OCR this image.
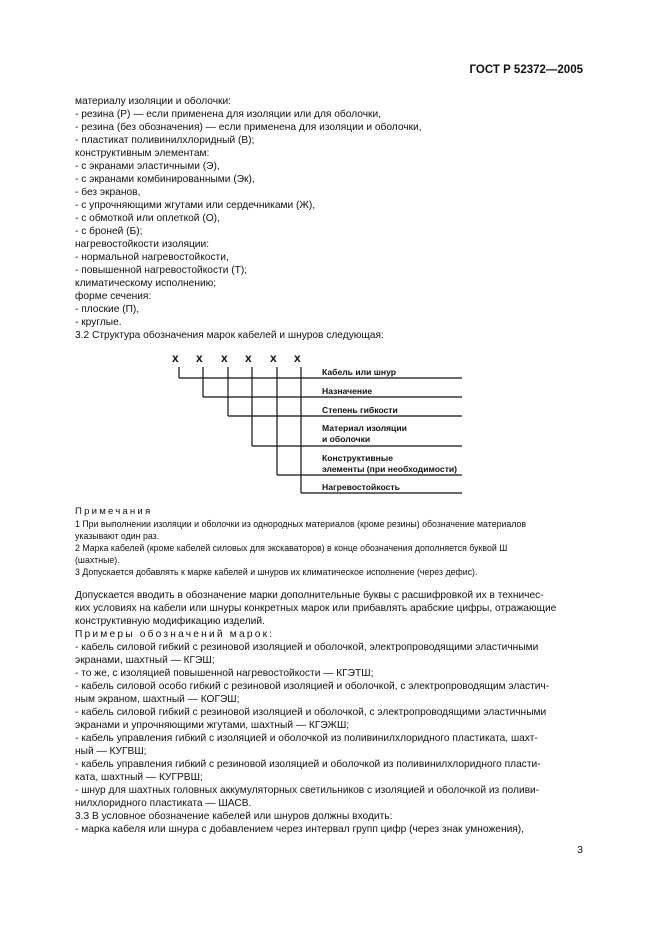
ГОСТ Р 52372—2005
материалу изоляции и оболочки:
- резина (Р) — если применена для изоляции или для оболочки,
- резина (без обозначения) — если применена для изоляции и оболочки,
- пластикат поливинилхлоридный (В);
конструктивным элементам:
- с экранами эластичными (Э),
- с экранами комбинированными (Эк),
- без экранов,
- с упрочняющими жгутами или сердечниками (Ж),
- с обмоткой или оплеткой (О),
- с броней (Б);
нагревостойкости изоляции:
- нормальной нагревостойкости,
- повышенной нагревостойкости (Т);
климатическому исполнению;
форме сечения:
- плоские (П),
- круглые.
3.2 Структура обозначения марок кабелей и шнуров следующая:
х х х х х х
Кабель или шнур
Назначение
Степень гибкости
Материал изоляции
и оболочки
Конструктивные
элементы (при необходимости)
Нагревостойкость
Примечания
1 При выполнении изоляции и оболочки из однородных материалов (кроме резины) обозначение материалов
указывают один раз.
2 Марка кабелей (кроме кабелей силовых для экскаваторов) в конце обозначения дополняется буквой Ш
(шахтные).
3 Допускается добавлять к марке кабелей и шнуров их климатическое исполнение (через дефис).
Допускается вводить в обозначение марки дополнительные буквы с расшифровкой их в техничес-
ких условиях на кабели или шнуры конкретных марок или прибавлять арабские цифры, отражающие
конструктивную модификацию изделий.
Примеры обозначений марок:
- кабель силовой гибкий с резиновой изоляцией и оболочкой, электропроводящими эластичными
экранами, шахтный — КГЭШ;
- то же, с изоляцией повышенной нагревостойкости — КГЭТШ;
- кабель силовой особо гибкий с резиновой изоляцией и оболочкой, с электропроводящим эластич-
ным экраном, шахтный — КОГЭШ;
- кабель силовой гибкий с резиновой изоляцией и оболочкой, с электропроводящими эластичными
экранами и упрочняющими жгутами, шахтный — КГЭЖШ;
- кабель управления гибкий с изоляцией и оболочкой из поливинилхлоридного пластиката, шахт-
ный — КУГВШ;
- кабель управления гибкий с резиновой изоляцией и оболочкой из поливинилхлоридного пласти-
ката, шахтный — КУГРВШ;
- шнур для шахтных головных аккумуляторных светильников с изоляцией и оболочкой из поливи-
нилхлоридного пластиката — ШАСВ.
3.3 В условное обозначение кабелей или шнуров должны входить:
- марка кабеля или шнура с добавлением через интервал групп цифр (через знак умножения),
3
